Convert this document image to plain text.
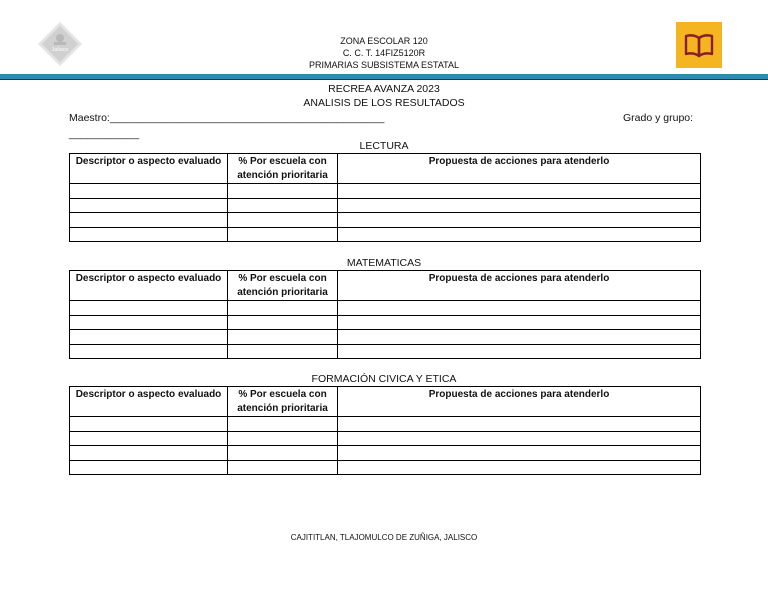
Jalisco
ZONA ESCOLAR 120
C. C. T. 14FIZ5120R
PRIMARIAS SUBSISTEMA ESTATAL
RECREA AVANZA 2023
ANALISIS DE LOS RESULTADOS
Maestro:_______________________________________________	Grado y grupo:
____________
LECTURA
Descriptor o aspecto evaluado	% Por escuela con atención prioritaria	Propuesta de acciones para atenderlo

MATEMATICAS
Descriptor o aspecto evaluado	% Por escuela con atención prioritaria	Propuesta de acciones para atenderlo

FORMACIÓN CIVICA Y ETICA
Descriptor o aspecto evaluado	% Por escuela con atención prioritaria	Propuesta de acciones para atenderlo

CAJITITLAN, TLAJOMULCO DE ZUÑIGA, JALISCO
